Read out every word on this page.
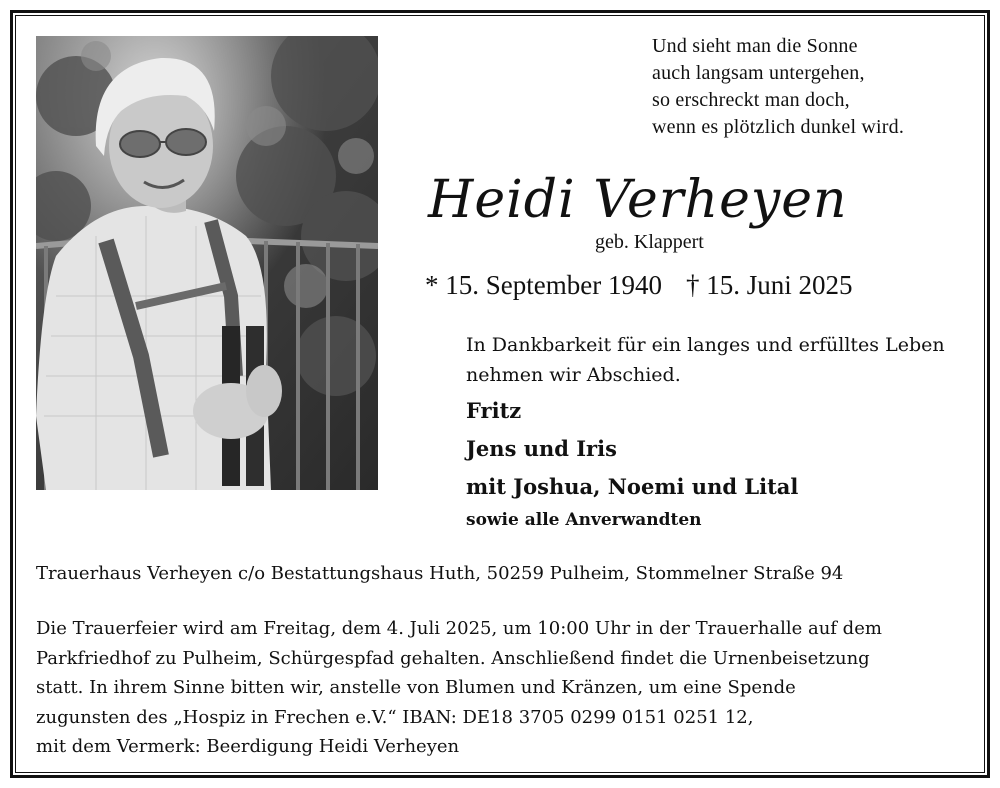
Und sieht man die Sonne
auch langsam untergehen,
so erschreckt man doch,
wenn es plötzlich dunkel wird.
Heidi Verheyen
geb. Klappert
* 15. September 1940 † 15. Juni 2025
In Dankbarkeit für ein langes und erfülltes Leben
nehmen wir Abschied.
Fritz
Jens und Iris
mit Joshua, Noemi und Lital
sowie alle Anverwandten
Trauerhaus Verheyen c/o Bestattungshaus Huth, 50259 Pulheim, Stommelner Straße 94
Die Trauerfeier wird am Freitag, dem 4. Juli 2025, um 10:00 Uhr in der Trauerhalle auf dem
Parkfriedhof zu Pulheim, Schürgespfad gehalten. Anschließend findet die Urnenbeisetzung
statt. In ihrem Sinne bitten wir, anstelle von Blumen und Kränzen, um eine Spende
zugunsten des „Hospiz in Frechen e.V.“ IBAN: DE18 3705 0299 0151 0251 12,
mit dem Vermerk: Beerdigung Heidi Verheyen
